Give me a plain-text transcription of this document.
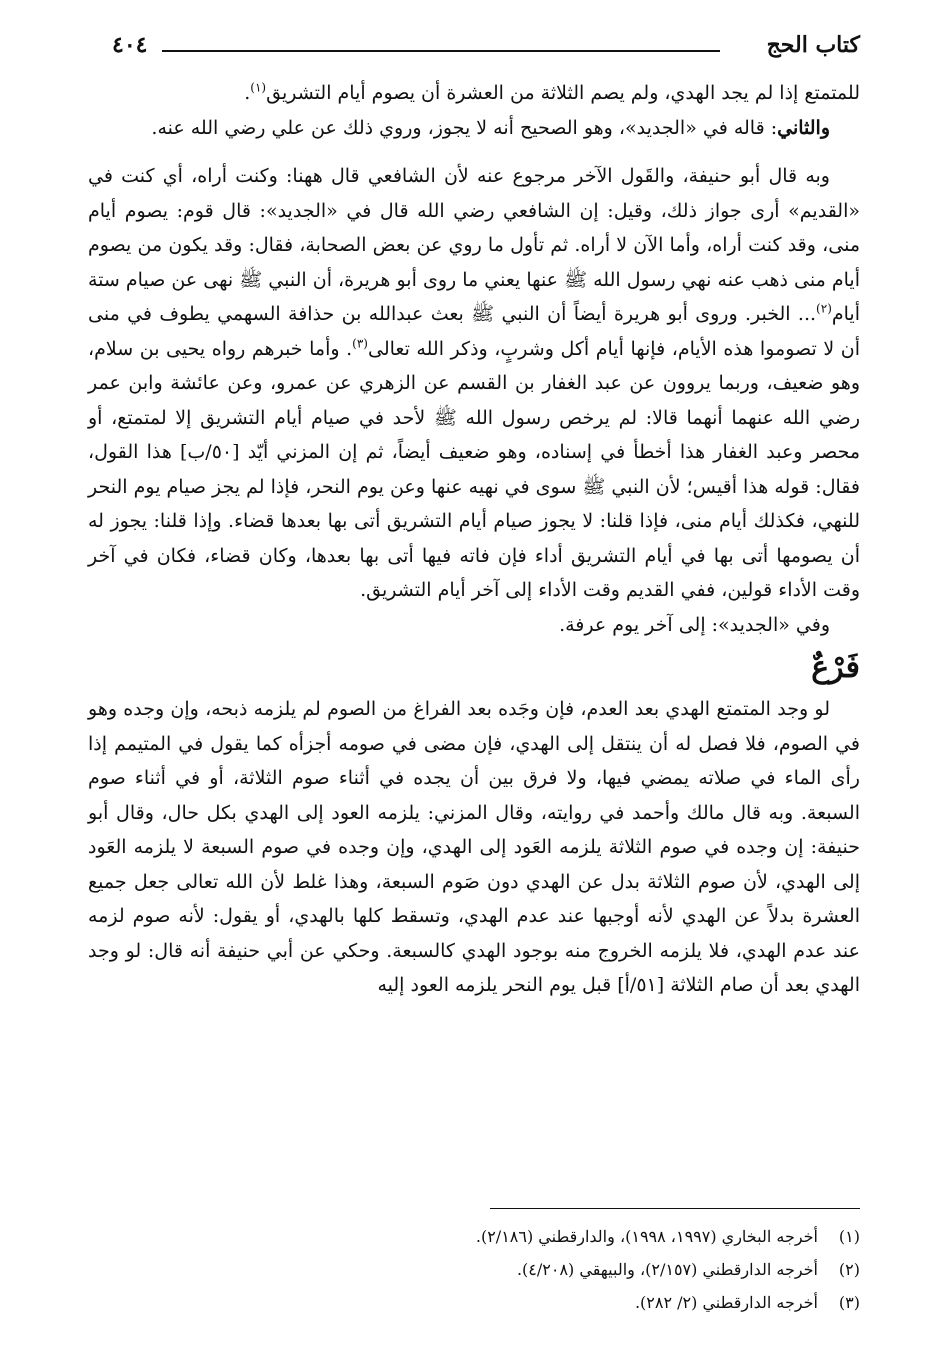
كتاب الحج
٤٠٤

للمتمتع إذا لم يجد الهدي، ولم يصم الثلاثة من العشرة أن يصوم أيام التشريق$^{(١)}$.

والثاني: قاله في «الجديد»، وهو الصحيح أنه لا يجوز، وروي ذلك عن علي رضي الله عنه.

وبه قال أبو حنيفة، والقَول الآخر مرجوع عنه لأن الشافعي قال ههنا: وكنت أراه، أي كنت في «القديم» أرى جواز ذلك، وقيل: إن الشافعي رضي الله قال في «الجديد»: قال قوم: يصوم أيام منى، وقد كنت أراه، وأما الآن لا أراه. ثم تأول ما روي عن بعض الصحابة، فقال: وقد يكون من يصوم أيام منى ذهب عنه نهي رسول الله ﷺ عنها يعني ما روى أبو هريرة، أن النبي ﷺ نهى عن صيام ستة أيام$^{(٢)}$... الخبر. وروى أبو هريرة أيضاً أن النبي ﷺ بعث عبدالله بن حذافة السهمي يطوف في منى أن لا تصوموا هذه الأيام، فإنها أيام أكل وشربٍ، وذكر الله تعالى$^{(٣)}$. وأما خبرهم رواه يحيى بن سلام، وهو ضعيف، وربما يروون عن عبد الغفار بن القسم عن الزهري عن عمرو، وعن عائشة وابن عمر رضي الله عنهما أنهما قالا: لم يرخص رسول الله ﷺ لأحد في صيام أيام التشريق إلا لمتمتع، أو محصر وعبد الغفار هذا أخطأ في إسناده، وهو ضعيف أيضاً، ثم إن المزني أيّد [٥٠/ب] هذا القول، فقال: قوله هذا أقيس؛ لأن النبي ﷺ سوى في نهيه عنها وعن يوم النحر، فإذا لم يجز صيام يوم النحر للنهي، فكذلك أيام منى، فإذا قلنا: لا يجوز صيام أيام التشريق أتى بها بعدها قضاء. وإذا قلنا: يجوز له أن يصومها أتى بها في أيام التشريق أداء فإن فاته فيها أتى بها بعدها، وكان قضاء، فكان في آخر وقت الأداء قولين، ففي القديم وقت الأداء إلى آخر أيام التشريق.

وفي «الجديد»: إلى آخر يوم عرفة.

فَرْعٌ

لو وجد المتمتع الهدي بعد العدم، فإن وجَده بعد الفراغ من الصوم لم يلزمه ذبحه، وإن وجده وهو في الصوم، فلا فصل له أن ينتقل إلى الهدي، فإن مضى في صومه أجزأه كما يقول في المتيمم إذا رأى الماء في صلاته يمضي فيها، ولا فرق بين أن يجده في أثناء صوم الثلاثة، أو في أثناء صوم السبعة. وبه قال مالك وأحمد في روايته، وقال المزني: يلزمه العود إلى الهدي بكل حال، وقال أبو حنيفة: إن وجده في صوم الثلاثة يلزمه العَود إلى الهدي، وإن وجده في صوم السبعة لا يلزمه العَود إلى الهدي، لأن صوم الثلاثة بدل عن الهدي دون صَوم السبعة، وهذا غلط لأن الله تعالى جعل جميع العشرة بدلاً عن الهدي لأنه أوجبها عند عدم الهدي، وتسقط كلها بالهدي، أو يقول: لأنه صوم لزمه عند عدم الهدي، فلا يلزمه الخروج منه بوجود الهدي كالسبعة. وحكي عن أبي حنيفة أنه قال: لو وجد الهدي بعد أن صام الثلاثة [٥١/أ] قبل يوم النحر يلزمه العود إليه

(١)
أخرجه البخاري (١٩٩٧، ١٩٩٨)، والدارقطني (٢/١٨٦).
(٢)
أخرجه الدارقطني (٢/١٥٧)، والبيهقي (٤/٢٠٨).
(٣)
أخرجه الدارقطني (٢/ ٢٨٢).
